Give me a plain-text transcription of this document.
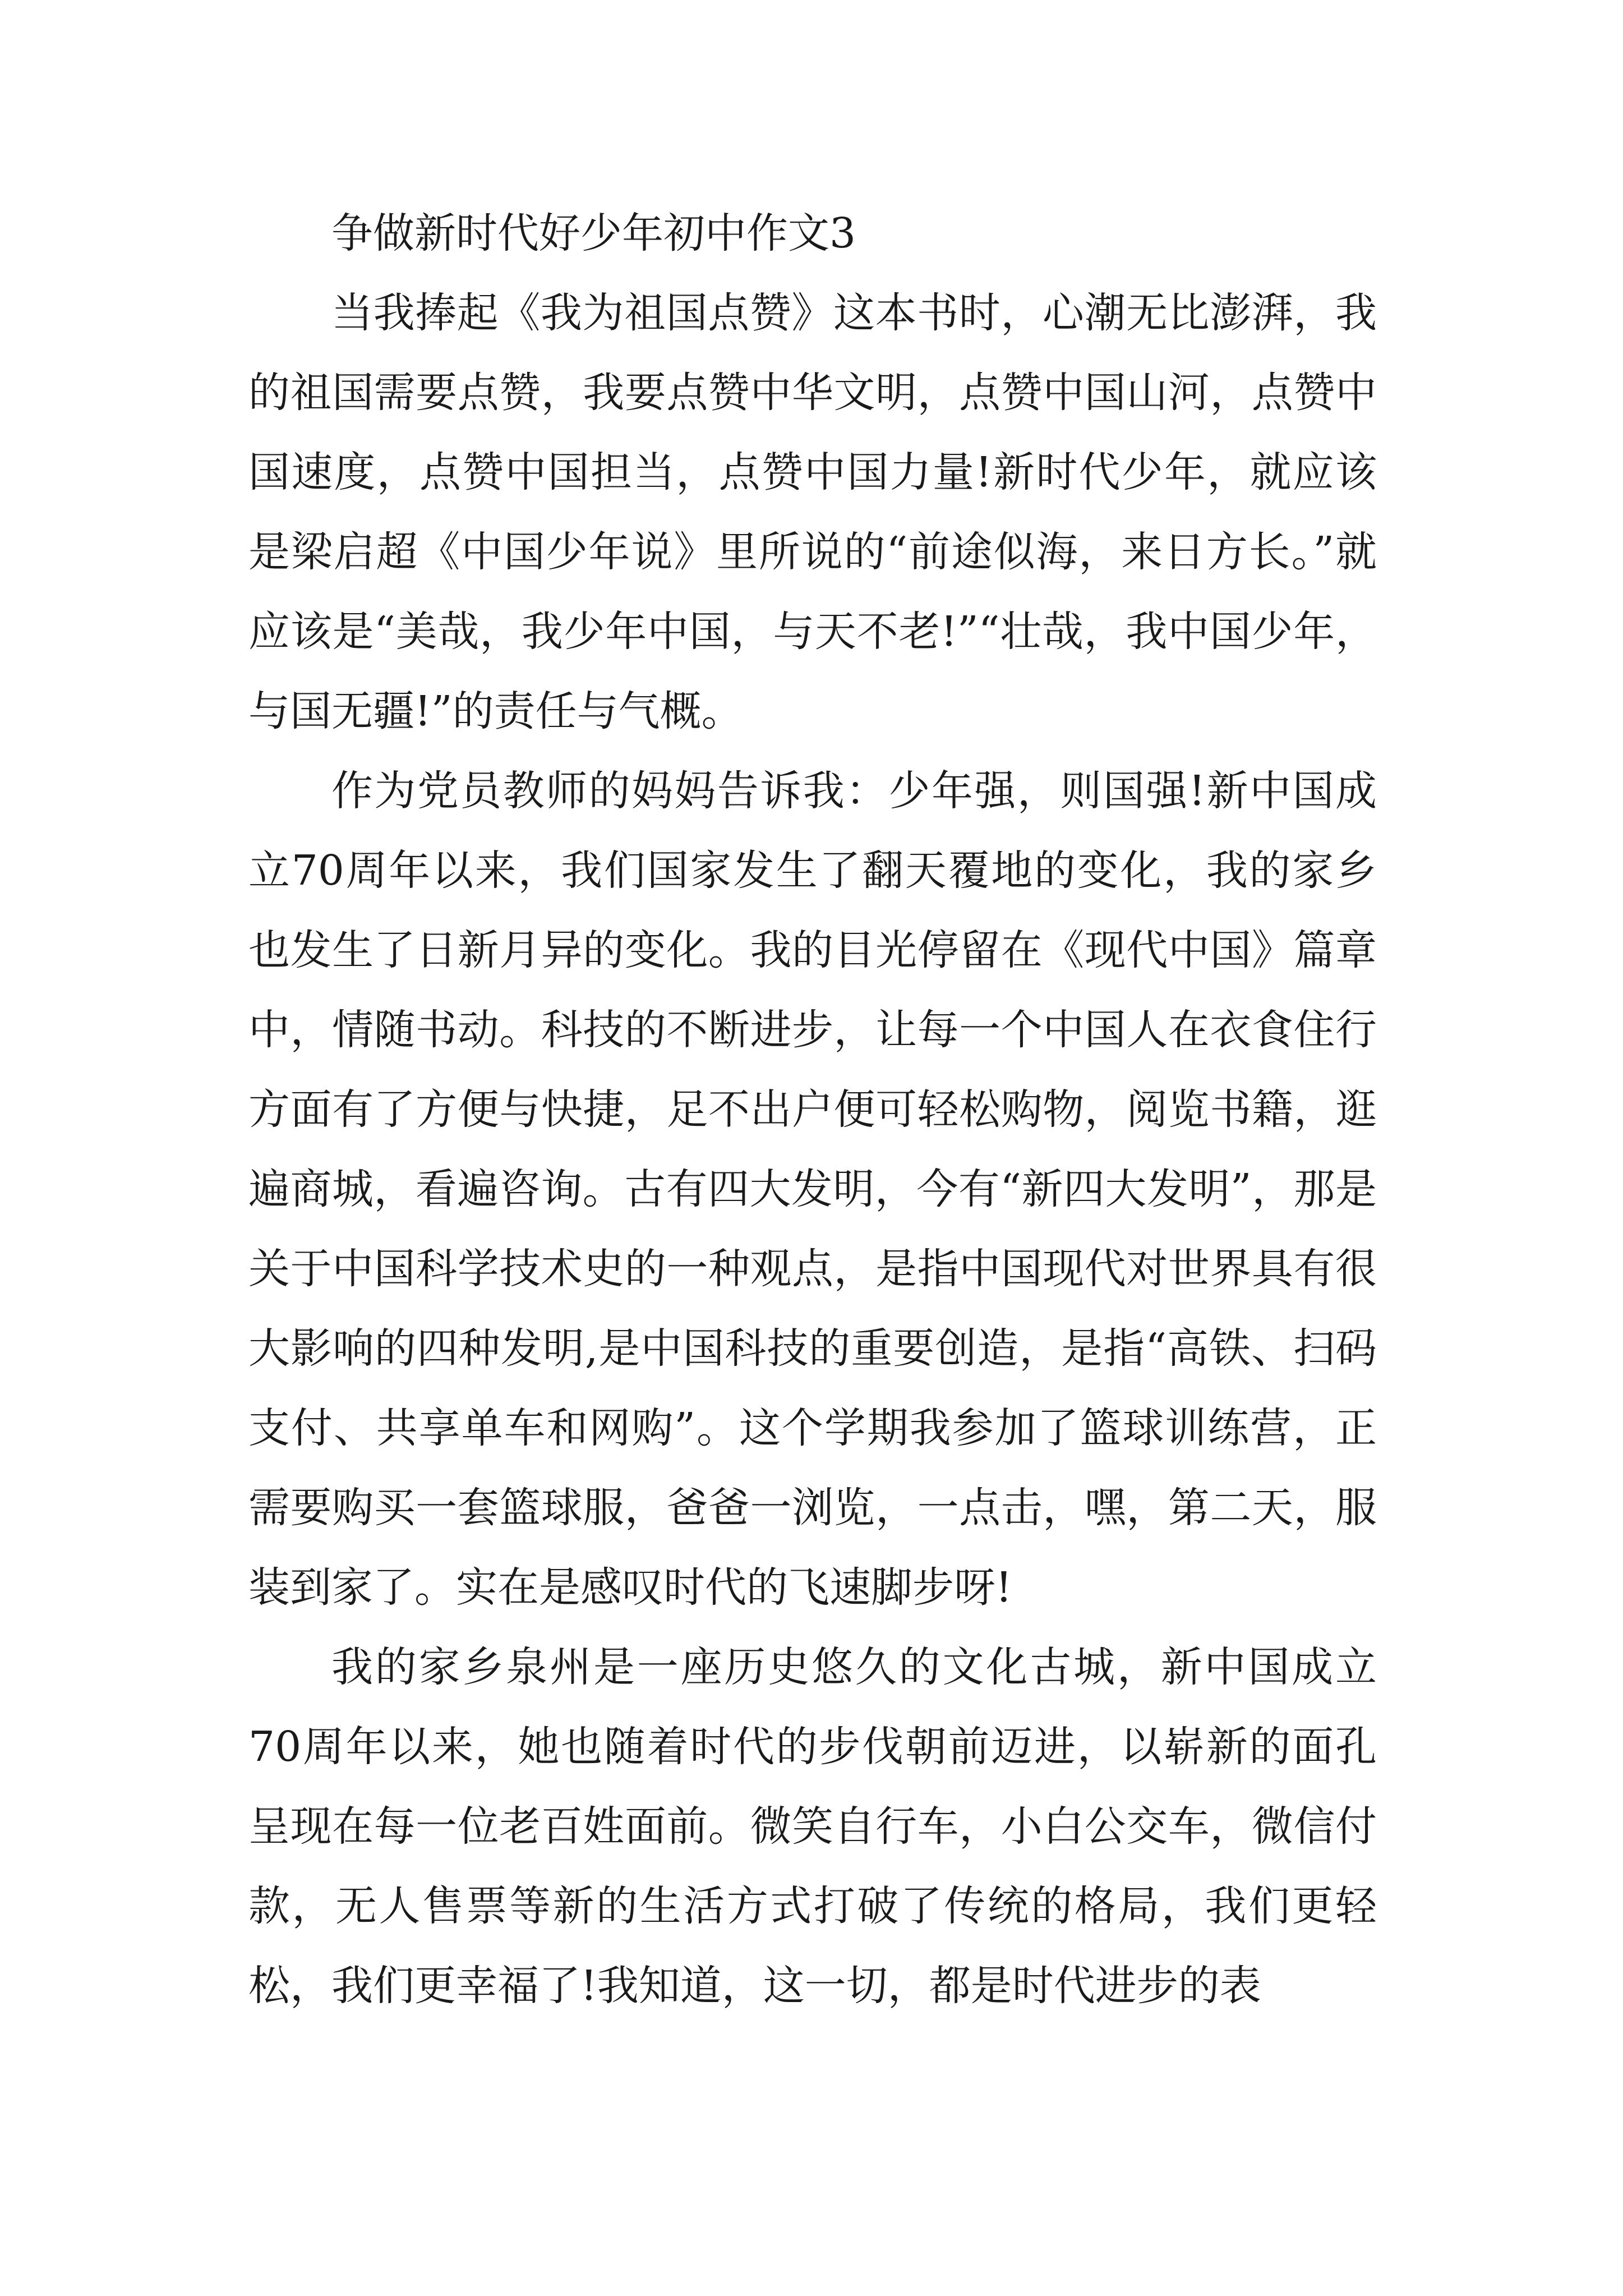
争做新时代好少年初中作文3

当我捧起《我为祖国点赞》这本书时，心潮无比澎湃，我的祖国需要点赞，我要点赞中华文明，点赞中国山河，点赞中国速度，点赞中国担当，点赞中国力量!新时代少年，就应该是梁启超《中国少年说》里所说的“前途似海，来日方长。”就应该是“美哉，我少年中国，与天不老!”“壮哉，我中国少年，与国无疆!”的责任与气概。

作为党员教师的妈妈告诉我：少年强，则国强!新中国成立70周年以来，我们国家发生了翻天覆地的变化，我的家乡也发生了日新月异的变化。我的目光停留在《现代中国》篇章中，情随书动。科技的不断进步，让每一个中国人在衣食住行方面有了方便与快捷，足不出户便可轻松购物，阅览书籍，逛遍商城，看遍咨询。古有四大发明，今有“新四大发明”，那是关于中国科学技术史的一种观点，是指中国现代对世界具有很大影响的四种发明,是中国科技的重要创造，是指“高铁、扫码支付、共享单车和网购”。这个学期我参加了篮球训练营，正需要购买一套篮球服，爸爸一浏览，一点击，嘿，第二天，服装到家了。实在是感叹时代的飞速脚步呀!

我的家乡泉州是一座历史悠久的文化古城，新中国成立70周年以来，她也随着时代的步伐朝前迈进，以崭新的面孔呈现在每一位老百姓面前。微笑自行车，小白公交车，微信付款，无人售票等新的生活方式打破了传统的格局，我们更轻松，我们更幸福了!我知道，这一切，都是时代进步的表
